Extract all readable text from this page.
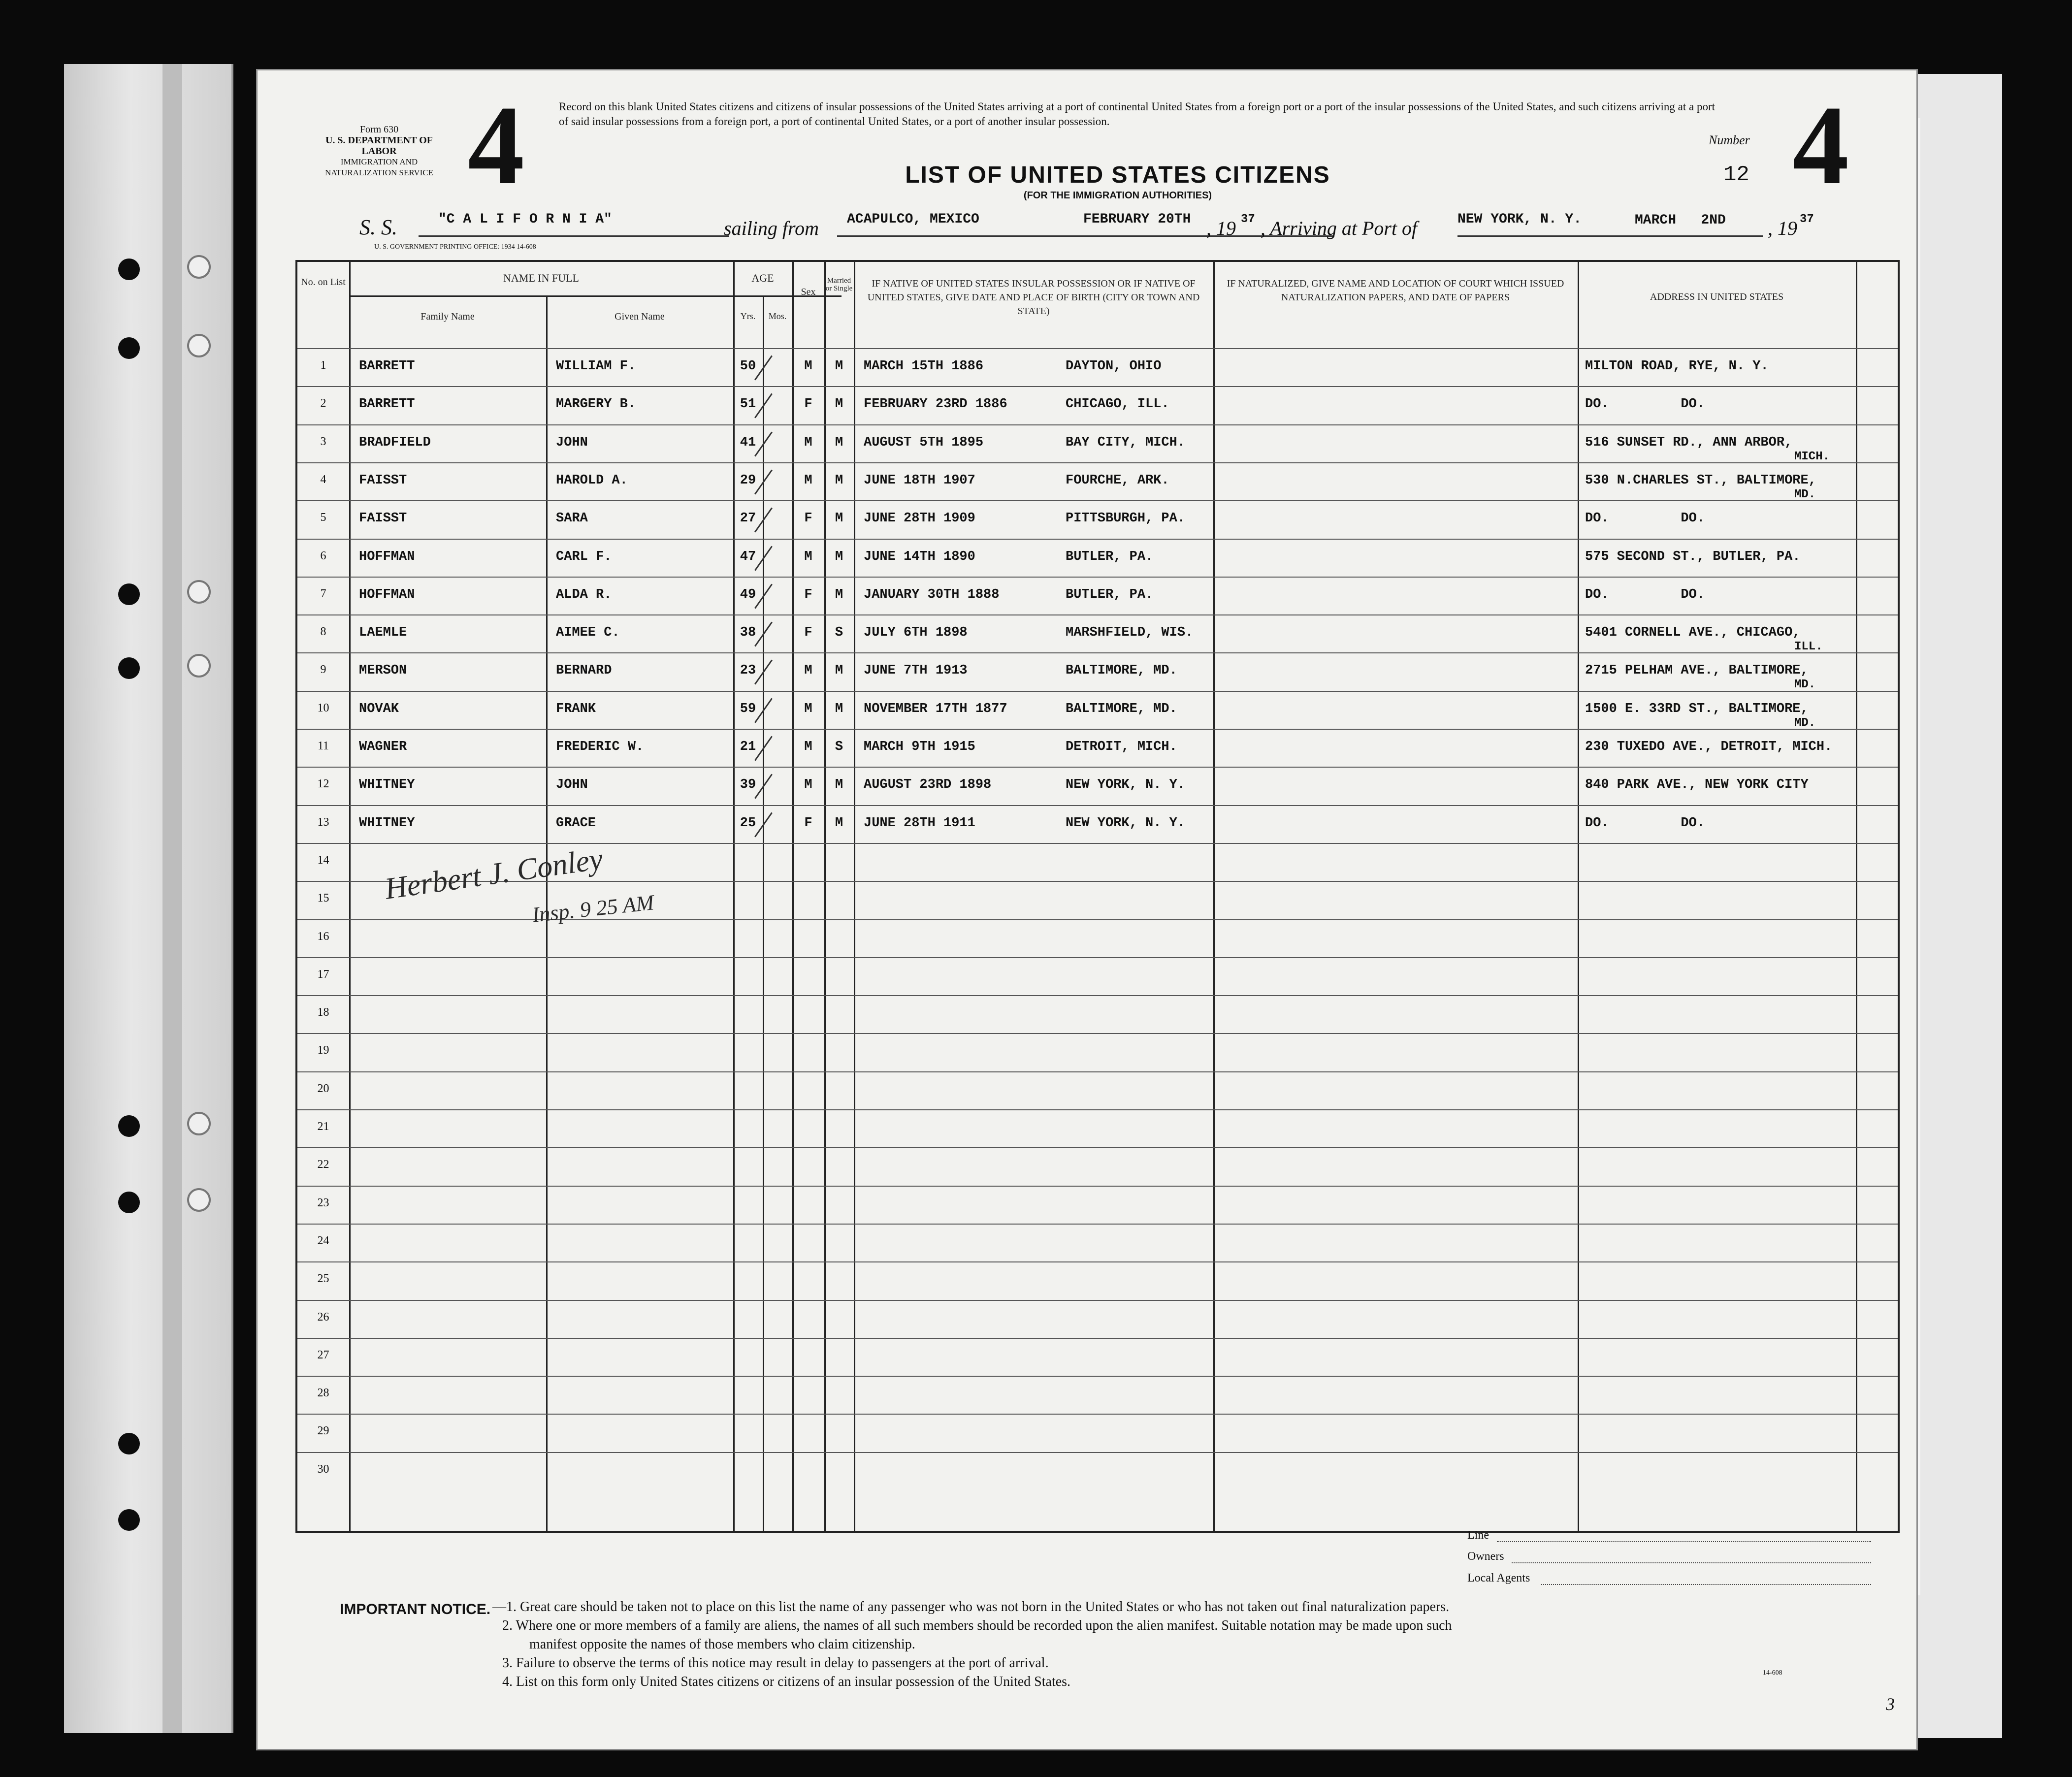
Form 630
U. S. DEPARTMENT OF LABOR
IMMIGRATION AND NATURALIZATION SERVICE 4	Record on this blank United States citizens and citizens of insular possessions of the United States arriving at a port of continental United States from a foreign port or a port of the insular possessions of the United States, and such citizens arriving at a port of said insular possessions from a foreign port, a port of continental United States, or a port of another insular possession.
Number 4
12
LIST OF UNITED STATES CITIZENS
(FOR THE IMMIGRATION AUTHORITIES)
S. S.	"C A L I F O R N I A"	sailing from	ACAPULCO, MEXICO	FEBRUARY 20TH , 19 37 , Arriving at Port of	NEW YORK, N. Y.	MARCH   2ND , 19 37
U. S. GOVERNMENT PRINTING OFFICE: 1934 14-608
No. on List	NAME IN FULL
Family Name	Given Name
AGE
Yrs.	Mos.
Sex
Married or Single	IF NATIVE OF UNITED STATES INSULAR POSSESSION OR IF NATIVE OF UNITED STATES, GIVE DATE AND PLACE OF BIRTH (CITY OR TOWN AND STATE)
IF NATURALIZED, GIVE NAME AND LOCATION OF COURT WHICH ISSUED NATURALIZATION PAPERS, AND DATE OF PAPERS	ADDRESS IN UNITED STATES
1	BARRETT	WILLIAM F.	50	M	M	MARCH 15TH 1886	DAYTON, OHIO	MILTON ROAD, RYE, N. Y.
2	BARRETT	MARGERY B.	51	F	M	FEBRUARY 23RD 1886	CHICAGO, ILL.	DO.         DO.
3	BRADFIELD	JOHN	41	M	M	AUGUST 5TH 1895	BAY CITY, MICH.	516 SUNSET RD., ANN ARBOR,
MICH.
4	FAISST	HAROLD A.	29	M	M	JUNE 18TH 1907	FOURCHE, ARK.	530 N.CHARLES ST., BALTIMORE,
MD.
5	FAISST	SARA	27	F	M	JUNE 28TH 1909	PITTSBURGH, PA.	DO.         DO.
6	HOFFMAN	CARL F.	47	M	M	JUNE 14TH 1890	BUTLER, PA.	575 SECOND ST., BUTLER, PA.
7	HOFFMAN	ALDA R.	49	F	M	JANUARY 30TH 1888	BUTLER, PA.	DO.         DO.
8	LAEMLE	AIMEE C.	38	F	S	JULY 6TH 1898	MARSHFIELD, WIS.	5401 CORNELL AVE., CHICAGO,
ILL.
9	MERSON	BERNARD	23	M	M	JUNE 7TH 1913	BALTIMORE, MD.	2715 PELHAM AVE., BALTIMORE,
MD.
10	NOVAK	FRANK	59	M	M	NOVEMBER 17TH 1877	BALTIMORE, MD.	1500 E. 33RD ST., BALTIMORE,
MD.
11	WAGNER	FREDERIC W.	21	M	S	MARCH 9TH 1915	DETROIT, MICH.	230 TUXEDO AVE., DETROIT, MICH.
12	WHITNEY	JOHN	39	M	M	AUGUST 23RD 1898	NEW YORK, N. Y.	840 PARK AVE., NEW YORK CITY
13	WHITNEY	GRACE	25	F	M	JUNE 28TH 1911	NEW YORK, N. Y.	DO.         DO.
14
15
16
17
18
19
20
21
22
23
24
25
26
27
28
29
30
Herbert J. Conley
Insp. 9 25 AM
Line
Owners
Local Agents
IMPORTANT NOTICE. —1. Great care should be taken not to place on this list the name of any passenger who was not born in the United States or who has not taken out final naturalization papers.
2. Where one or more members of a family are aliens, the names of all such members should be recorded upon the alien manifest. Suitable notation may be made upon such
manifest opposite the names of those members who claim citizenship.
3. Failure to observe the terms of this notice may result in delay to passengers at the port of arrival.
4. List on this form only United States citizens or citizens of an insular possession of the United States.
14-608
3
